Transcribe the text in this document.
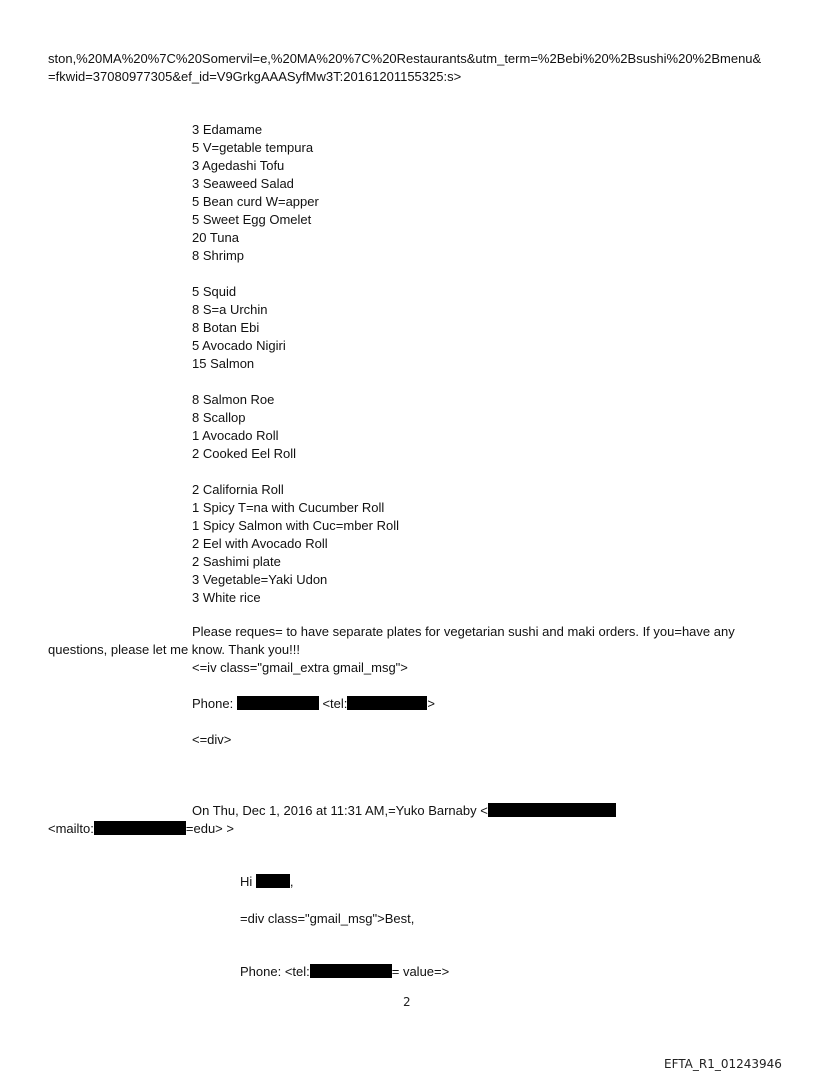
ston,%20MA%20%7C%20Somervil=e,%20MA%20%7C%20Restaurants&utm_term=%2Bebi%20%2Bsushi%20%2Bmenu&
=fkwid=37080977305&ef_id=V9GrkgAAASyfMw3T:20161201155325:s>
3 Edamame
5 V=getable tempura
3 Agedashi Tofu
3 Seaweed Salad
5 Bean curd W=apper
5 Sweet Egg Omelet
20 Tuna
8 Shrimp
5 Squid
8 S=a Urchin
8 Botan Ebi
5 Avocado Nigiri
15 Salmon
8 Salmon Roe
8 Scallop
1 Avocado Roll
2 Cooked Eel Roll
2 California Roll
1 Spicy T=na with Cucumber Roll
1 Spicy Salmon with Cuc=mber Roll
2 Eel with Avocado Roll
2 Sashimi plate
3 Vegetable=Yaki Udon
3 White rice
Please reques= to have separate plates for vegetarian sushi and maki orders. If you=have any
questions, please let me know. Thank you!!!
<=iv class="gmail_extra gmail_msg">
Phone:	<tel:	>
<=div>
On Thu, Dec 1, 2016 at 11:31 AM,=Yuko Barnaby <
<mailto:	=edu> >
Hi	,
=div class="gmail_msg">Best,
Phone: <tel:	= value=>
2
EFTA_R1_01243946
